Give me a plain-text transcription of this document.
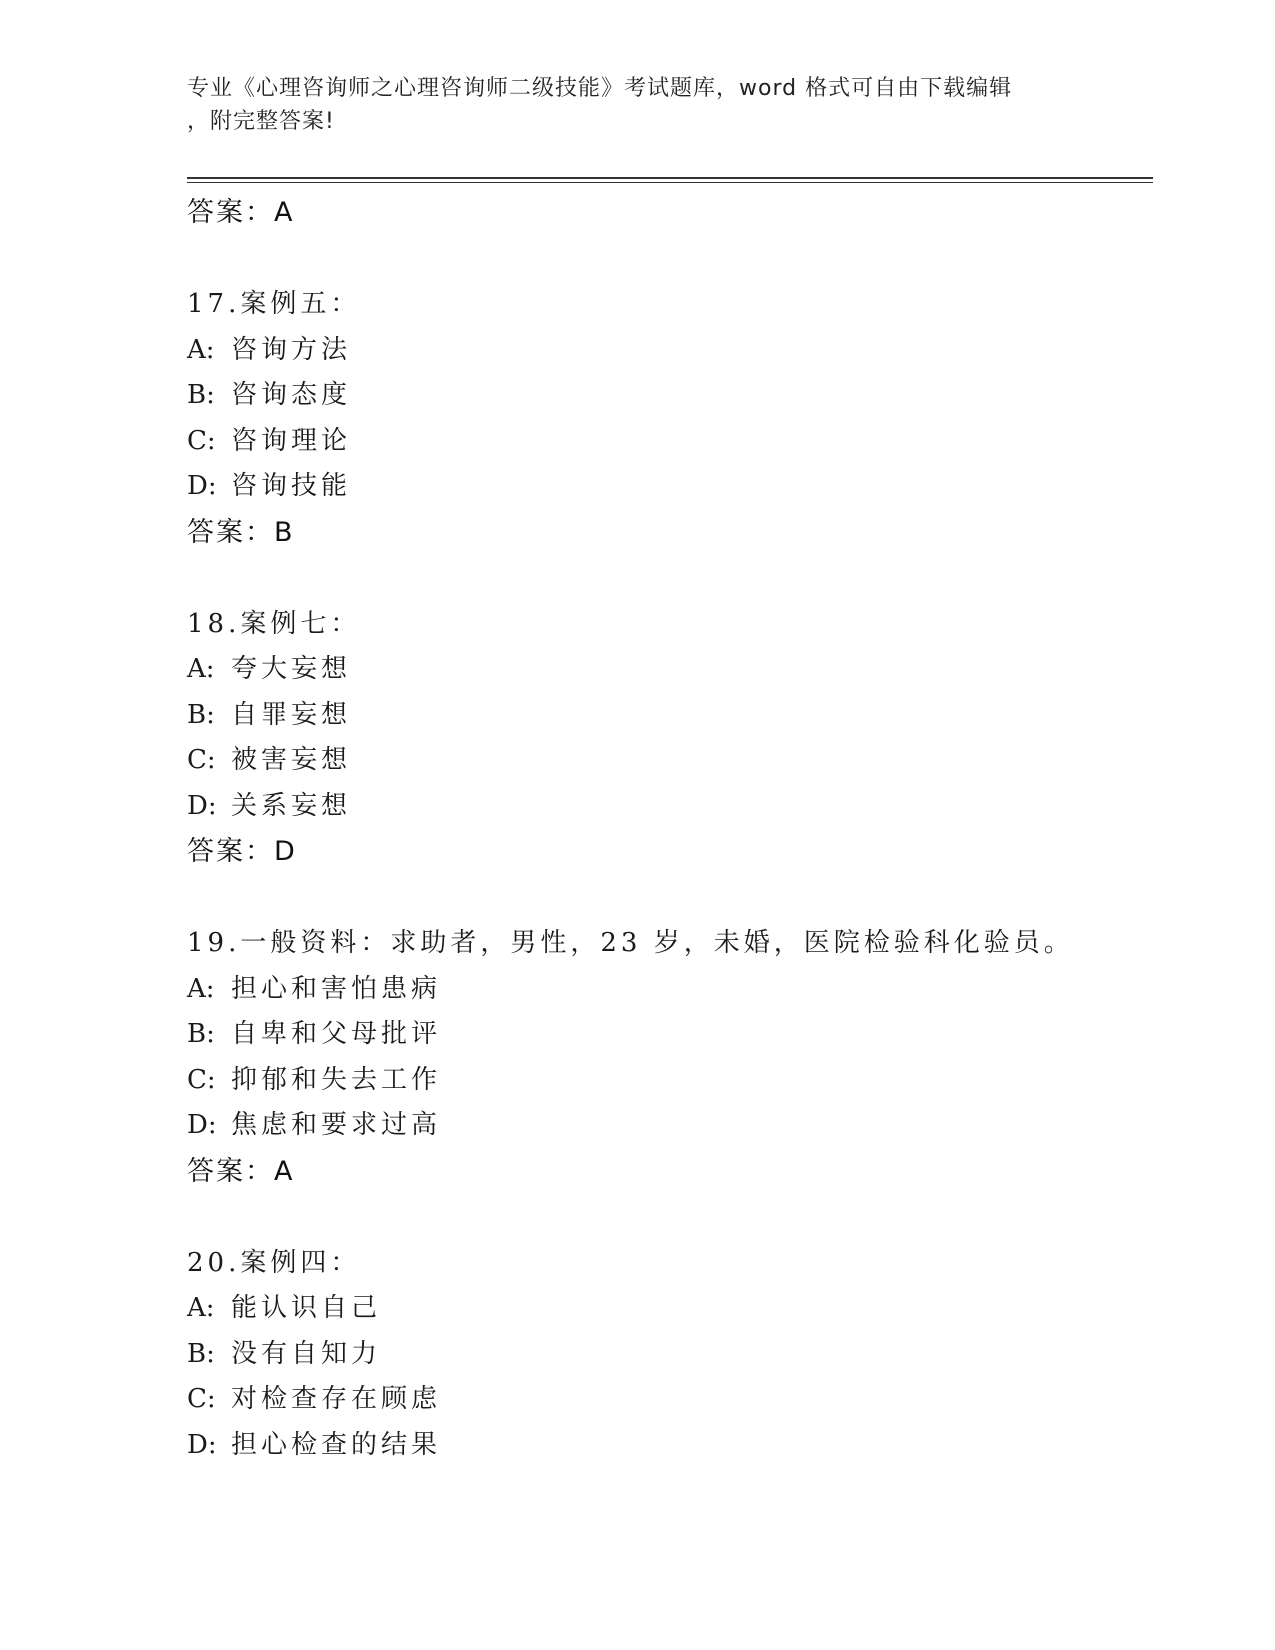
专业《心理咨询师之心理咨询师二级技能》考试题库，word 格式可自由下载编辑
，附完整答案!
答案：A
17.案例五：
A: 咨询方法
B: 咨询态度
C: 咨询理论
D: 咨询技能
答案：B
18.案例七：
A: 夸大妄想
B: 自罪妄想
C: 被害妄想
D: 关系妄想
答案：D
19.一般资料：求助者，男性，23 岁，未婚，医院检验科化验员。
A: 担心和害怕患病
B: 自卑和父母批评
C: 抑郁和失去工作
D: 焦虑和要求过高
答案：A
20.案例四：
A: 能认识自己
B: 没有自知力
C: 对检查存在顾虑
D: 担心检查的结果
